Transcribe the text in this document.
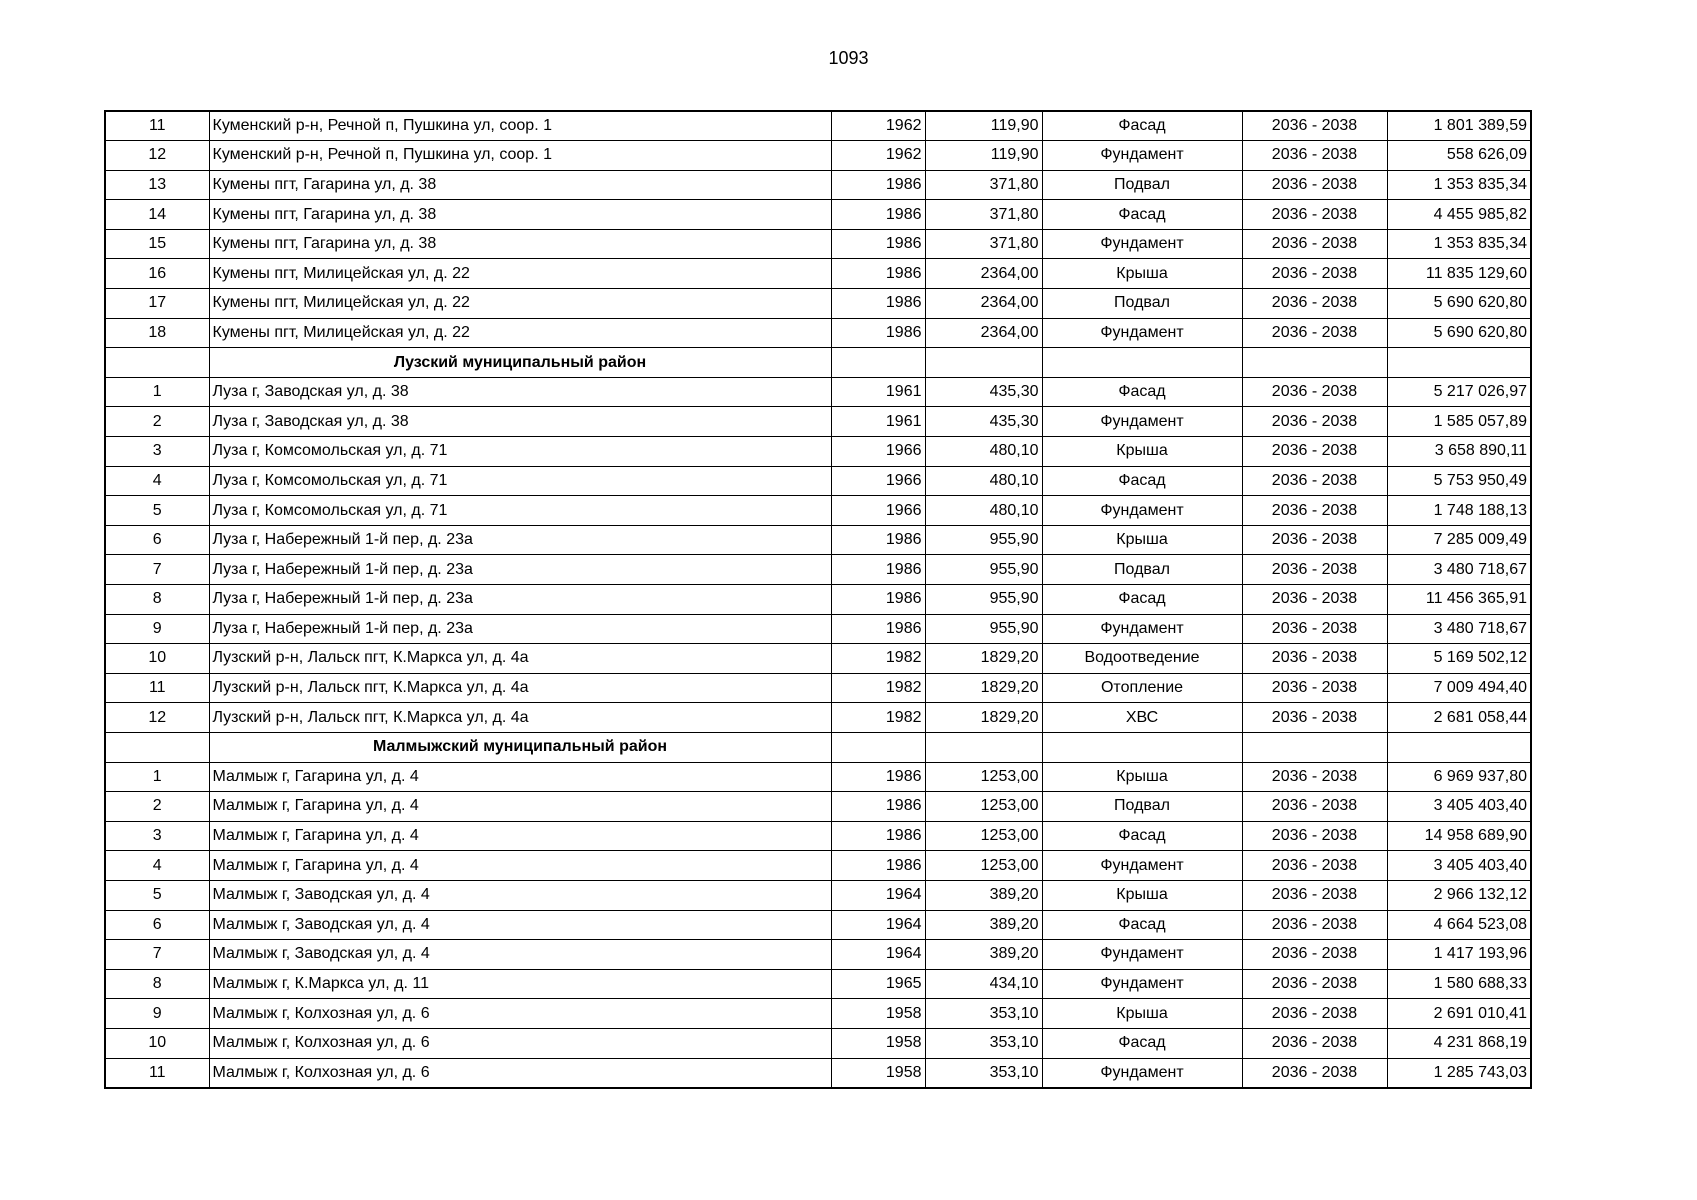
1093
11	Куменский р-н, Речной п, Пушкина ул, соор. 1	1962	119,90	Фасад	2036 - 2038	1 801 389,59
12	Куменский р-н, Речной п, Пушкина ул, соор. 1	1962	119,90	Фундамент	2036 - 2038	558 626,09
13	Кумены пгт, Гагарина ул, д. 38	1986	371,80	Подвал	2036 - 2038	1 353 835,34
14	Кумены пгт, Гагарина ул, д. 38	1986	371,80	Фасад	2036 - 2038	4 455 985,82
15	Кумены пгт, Гагарина ул, д. 38	1986	371,80	Фундамент	2036 - 2038	1 353 835,34
16	Кумены пгт, Милицейская ул, д. 22	1986	2364,00	Крыша	2036 - 2038	11 835 129,60
17	Кумены пгт, Милицейская ул, д. 22	1986	2364,00	Подвал	2036 - 2038	5 690 620,80
18	Кумены пгт, Милицейская ул, д. 22	1986	2364,00	Фундамент	2036 - 2038	5 690 620,80
	Лузский муниципальный район					
1	Луза г, Заводская ул, д. 38	1961	435,30	Фасад	2036 - 2038	5 217 026,97
2	Луза г, Заводская ул, д. 38	1961	435,30	Фундамент	2036 - 2038	1 585 057,89
3	Луза г, Комсомольская ул, д. 71	1966	480,10	Крыша	2036 - 2038	3 658 890,11
4	Луза г, Комсомольская ул, д. 71	1966	480,10	Фасад	2036 - 2038	5 753 950,49
5	Луза г, Комсомольская ул, д. 71	1966	480,10	Фундамент	2036 - 2038	1 748 188,13
6	Луза г, Набережный 1-й пер, д. 23а	1986	955,90	Крыша	2036 - 2038	7 285 009,49
7	Луза г, Набережный 1-й пер, д. 23а	1986	955,90	Подвал	2036 - 2038	3 480 718,67
8	Луза г, Набережный 1-й пер, д. 23а	1986	955,90	Фасад	2036 - 2038	11 456 365,91
9	Луза г, Набережный 1-й пер, д. 23а	1986	955,90	Фундамент	2036 - 2038	3 480 718,67
10	Лузский р-н, Лальск пгт, К.Маркса ул, д. 4а	1982	1829,20	Водоотведение	2036 - 2038	5 169 502,12
11	Лузский р-н, Лальск пгт, К.Маркса ул, д. 4а	1982	1829,20	Отопление	2036 - 2038	7 009 494,40
12	Лузский р-н, Лальск пгт, К.Маркса ул, д. 4а	1982	1829,20	ХВС	2036 - 2038	2 681 058,44
	Малмыжский муниципальный район					
1	Малмыж г, Гагарина ул, д. 4	1986	1253,00	Крыша	2036 - 2038	6 969 937,80
2	Малмыж г, Гагарина ул, д. 4	1986	1253,00	Подвал	2036 - 2038	3 405 403,40
3	Малмыж г, Гагарина ул, д. 4	1986	1253,00	Фасад	2036 - 2038	14 958 689,90
4	Малмыж г, Гагарина ул, д. 4	1986	1253,00	Фундамент	2036 - 2038	3 405 403,40
5	Малмыж г, Заводская ул, д. 4	1964	389,20	Крыша	2036 - 2038	2 966 132,12
6	Малмыж г, Заводская ул, д. 4	1964	389,20	Фасад	2036 - 2038	4 664 523,08
7	Малмыж г, Заводская ул, д. 4	1964	389,20	Фундамент	2036 - 2038	1 417 193,96
8	Малмыж г, К.Маркса ул, д. 11	1965	434,10	Фундамент	2036 - 2038	1 580 688,33
9	Малмыж г, Колхозная ул, д. 6	1958	353,10	Крыша	2036 - 2038	2 691 010,41
10	Малмыж г, Колхозная ул, д. 6	1958	353,10	Фасад	2036 - 2038	4 231 868,19
11	Малмыж г, Колхозная ул, д. 6	1958	353,10	Фундамент	2036 - 2038	1 285 743,03
